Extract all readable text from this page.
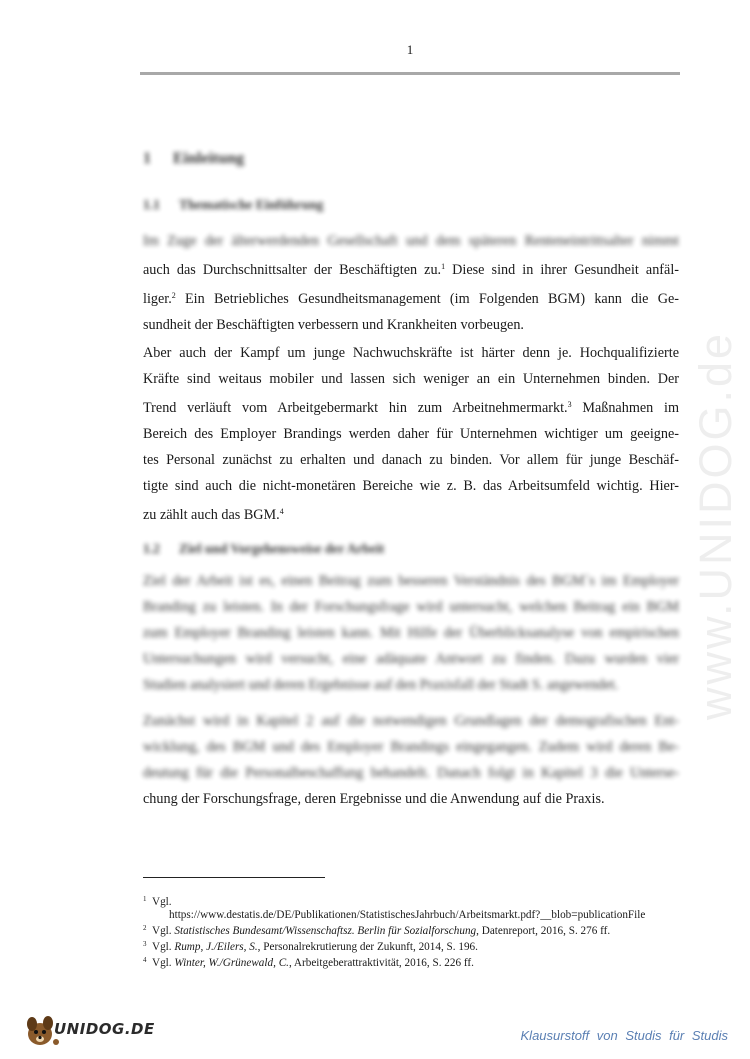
1
www.UNIDOG.de
1 Einleitung
1.1 Thematische Einführung

Im Zuge der älterwerdenden Gesellschaft und dem späteren Renteneintrittsalter nimmt
auch das Durchschnittsalter der Beschäftigten zu.$^1$ Diese sind in ihrer Gesundheit anfäl-
liger.$^2$ Ein Betriebliches Gesundheitsmanagement (im Folgenden BGM) kann die Ge-
sundheit der Beschäftigten verbessern und Krankheiten vorbeugen.

Aber auch der Kampf um junge Nachwuchskräfte ist härter denn je. Hochqualifizierte
Kräfte sind weitaus mobiler und lassen sich weniger an ein Unternehmen binden. Der
Trend verläuft vom Arbeitgebermarkt hin zum Arbeitnehmermarkt.$^3$ Maßnahmen im
Bereich des Employer Brandings werden daher für Unternehmen wichtiger um geeigne-
tes Personal zunächst zu erhalten und danach zu binden. Vor allem für junge Beschäf-
tigte sind auch die nicht-monetären Bereiche wie z. B. das Arbeitsumfeld wichtig. Hier-
zu zählt auch das BGM.$^4$

1.2 Ziel und Vorgehensweise der Arbeit

Ziel der Arbeit ist es, einen Beitrag zum besseren Verständnis des BGM´s im Employer
Branding zu leisten. In der Forschungsfrage wird untersucht, welchen Beitrag ein BGM
zum Employer Branding leisten kann. Mit Hilfe der Überblicksanalyse von empirischen
Untersuchungen wird versucht, eine adäquate Antwort zu finden. Dazu wurden vier
Studien analysiert und deren Ergebnisse auf den Praxisfall der Stadt S. angewendet.

Zunächst wird in Kapitel 2 auf die notwendigen Grundlagen der demografischen Ent-
wicklung, des BGM und des Employer Brandings eingegangen. Zudem wird deren Be-
deutung für die Personalbeschaffung behandelt. Danach folgt in Kapitel 3 die Unterse-
chung der Forschungsfrage, deren Ergebnisse und die Anwendung auf die Praxis.

1 Vgl.
https://www.destatis.de/DE/Publikationen/StatistischesJahrbuch/Arbeitsmarkt.pdf?__blob=publicationFile
2 Vgl. Statistisches Bundesamt/Wissenschaftsz. Berlin für Sozialforschung, Datenreport, 2016, S. 276 ff.
3 Vgl. Rump, J./Eilers, S., Personalrekrutierung der Zukunft, 2014, S. 196.
4 Vgl. Winter, W./Grünewald, C., Arbeitgeberattraktivität, 2016, S. 226 ff.
UNIDOG.DE	Klausurstoff von Studis für Studis
